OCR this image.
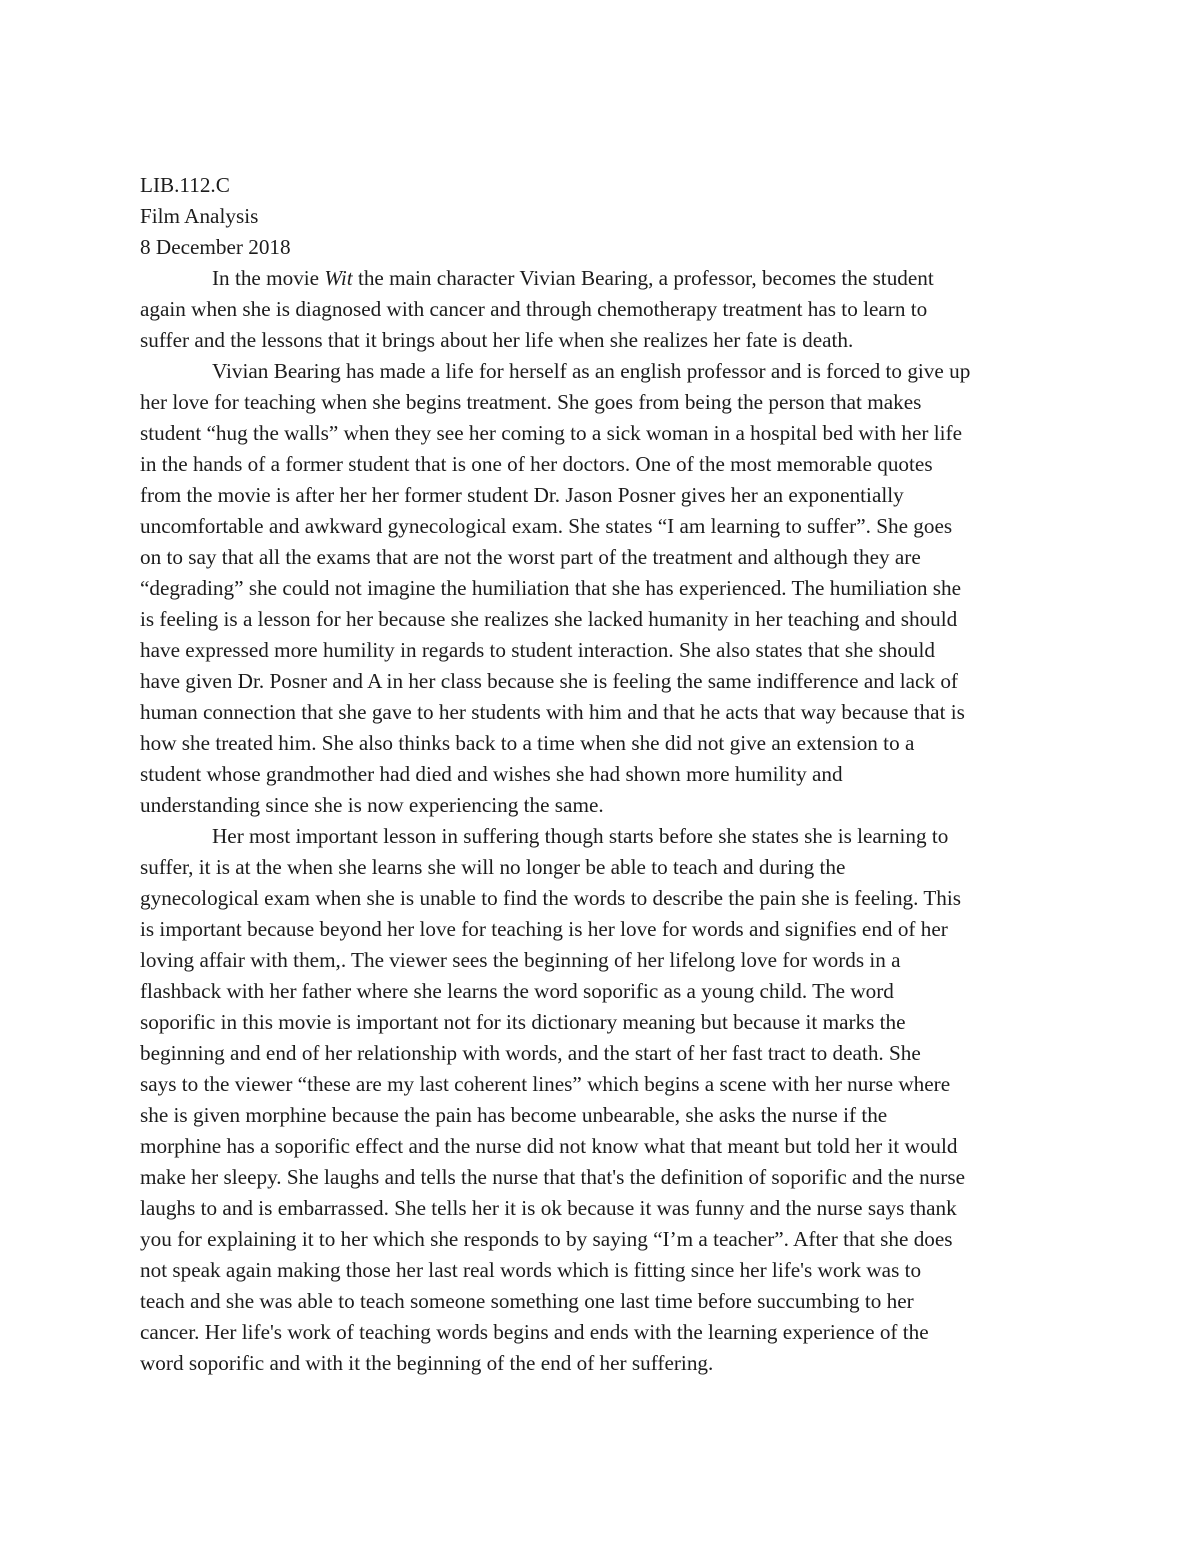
LIB.112.C
Film Analysis
8 December 2018
In the movie Wit the main character Vivian Bearing, a professor, becomes the student
again when she is diagnosed with cancer and through chemotherapy treatment has to learn to
suffer and the lessons that it brings about her life when she realizes her fate is death.
Vivian Bearing has made a life for herself as an english professor and is forced to give up
her love for teaching when she begins treatment. She goes from being the person that makes
student “hug the walls” when they see her coming to a sick woman in a hospital bed with her life
in the hands of a former student that is one of her doctors. One of the most memorable quotes
from the movie is after her her former student Dr. Jason Posner gives her an exponentially
uncomfortable and awkward gynecological exam. She states “I am learning to suffer”. She goes
on to say that all the exams that are not the worst part of the treatment and although they are
“degrading” she could not imagine the humiliation that she has experienced. The humiliation she
is feeling is a lesson for her because she realizes she lacked humanity in her teaching and should
have expressed more humility in regards to student interaction. She also states that she should
have given Dr. Posner and A in her class because she is feeling the same indifference and lack of
human connection that she gave to her students with him and that he acts that way because that is
how she treated him. She also thinks back to a time when she did not give an extension to a
student whose grandmother had died and wishes she had shown more humility and
understanding since she is now experiencing the same.
Her most important lesson in suffering though starts before she states she is learning to
suffer, it is at the when she learns she will no longer be able to teach and during the
gynecological exam when she is unable to find the words to describe the pain she is feeling. This
is important because beyond her love for teaching is her love for words and signifies end of her
loving affair with them,. The viewer sees the beginning of her lifelong love for words in a
flashback with her father where she learns the word soporific as a young child. The word
soporific in this movie is important not for its dictionary meaning but because it marks the
beginning and end of her relationship with words, and the start of her fast tract to death. She
says to the viewer “these are my last coherent lines” which begins a scene with her nurse where
she is given morphine because the pain has become unbearable, she asks the nurse if the
morphine has a soporific effect and the nurse did not know what that meant but told her it would
make her sleepy. She laughs and tells the nurse that that's the definition of soporific and the nurse
laughs to and is embarrassed. She tells her it is ok because it was funny and the nurse says thank
you for explaining it to her which she responds to by saying “I’m a teacher”. After that she does
not speak again making those her last real words which is fitting since her life's work was to
teach and she was able to teach someone something one last time before succumbing to her
cancer. Her life's work of teaching words begins and ends with the learning experience of the
word soporific and with it the beginning of the end of her suffering.
